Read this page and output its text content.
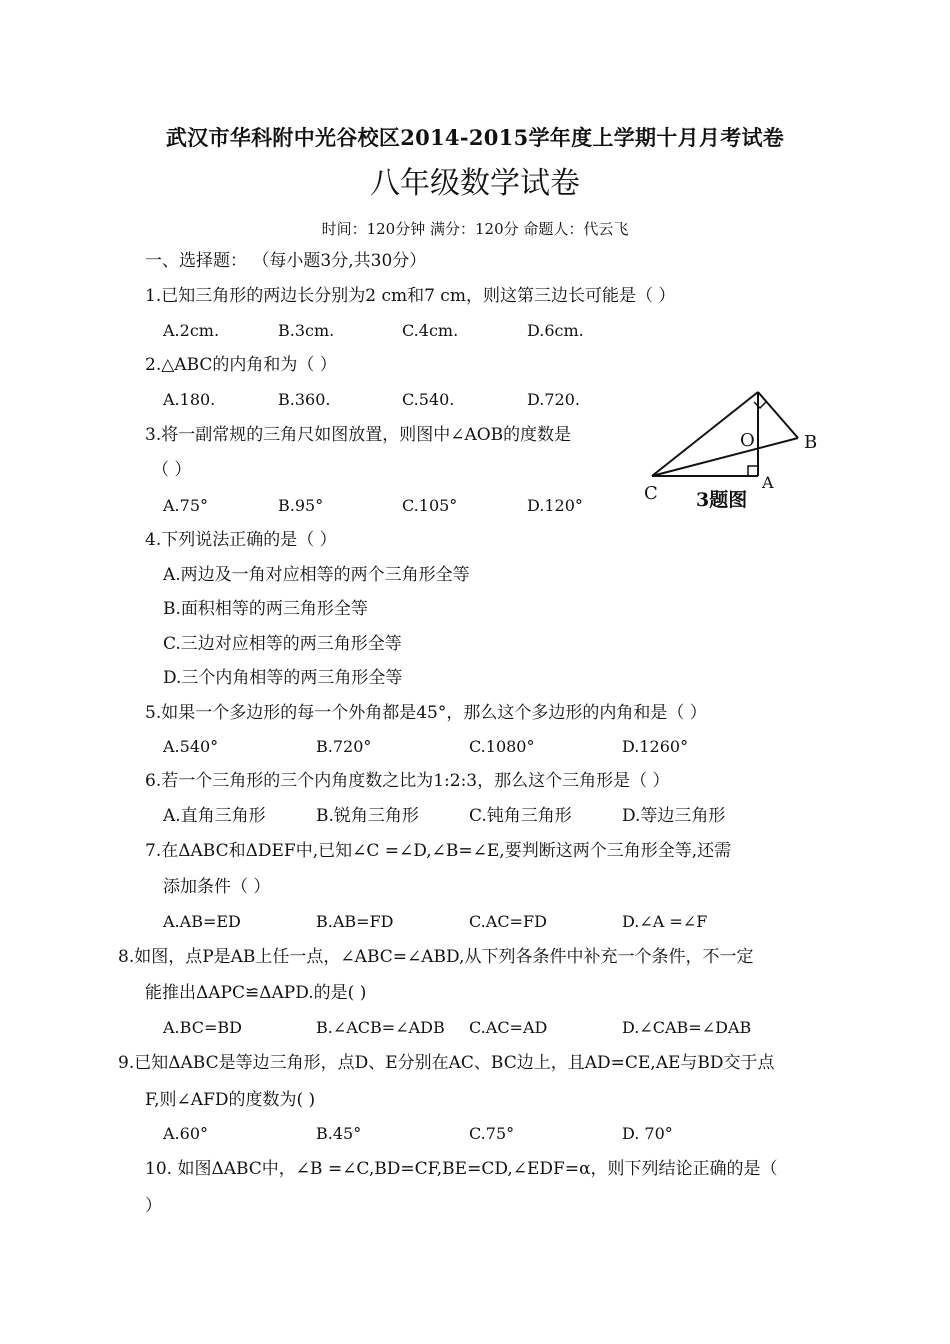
武汉市华科附中光谷校区2014-2015学年度上学期十月月考试卷
八年级数学试卷
时间：120分钟 满分：120分 命题人：代云飞
一、选择题： （每小题3分,共30分）
1.已知三角形的两边长分别为2 cm和7 cm，则这第三边长可能是（ ）
A.2cm.	B.3cm.	C.4cm.	D.6cm.
2.△ABC的内角和为（ ）
A.180.	B.360.	C.540.	D.720.
3.将一副常规的三角尺如图放置，则图中∠AOB的度数是
（ ）
A.75°	B.95°	C.105°	D.120°
O	B
C
A
3题图
4.下列说法正确的是（ ）
A.两边及一角对应相等的两个三角形全等
B.面积相等的两三角形全等
C.三边对应相等的两三角形全等
D.三个内角相等的两三角形全等
5.如果一个多边形的每一个外角都是45°，那么这个多边形的内角和是（ ）
A.540°	B.720°	C.1080°	D.1260°
6.若一个三角形的三个内角度数之比为1:2:3，那么这个三角形是（ ）
A.直角三角形	B.锐角三角形	C.钝角三角形	D.等边三角形
7.在ΔABC和ΔDEF中,已知∠C =∠D,∠B=∠E,要判断这两个三角形全等,还需
添加条件（ ）
A.AB=ED	B.AB=FD	C.AC=FD	D.∠A =∠F
8.如图，点P是AB上任一点，∠ABC=∠ABD,从下列各条件中补充一个条件，不一定
能推出ΔAPC≌ΔAPD.的是( )
A.BC=BD	B.∠ACB=∠ADB C.AC=AD	D.∠CAB=∠DAB
9.已知ΔABC是等边三角形，点D、E分别在AC、BC边上，且AD=CE,AE与BD交于点
F,则∠AFD的度数为( )
A.60°	B.45°	C.75°	D. 70°
10. 如图ΔABC中，∠B =∠C,BD=CF,BE=CD,∠EDF=α，则下列结论正确的是（
）
